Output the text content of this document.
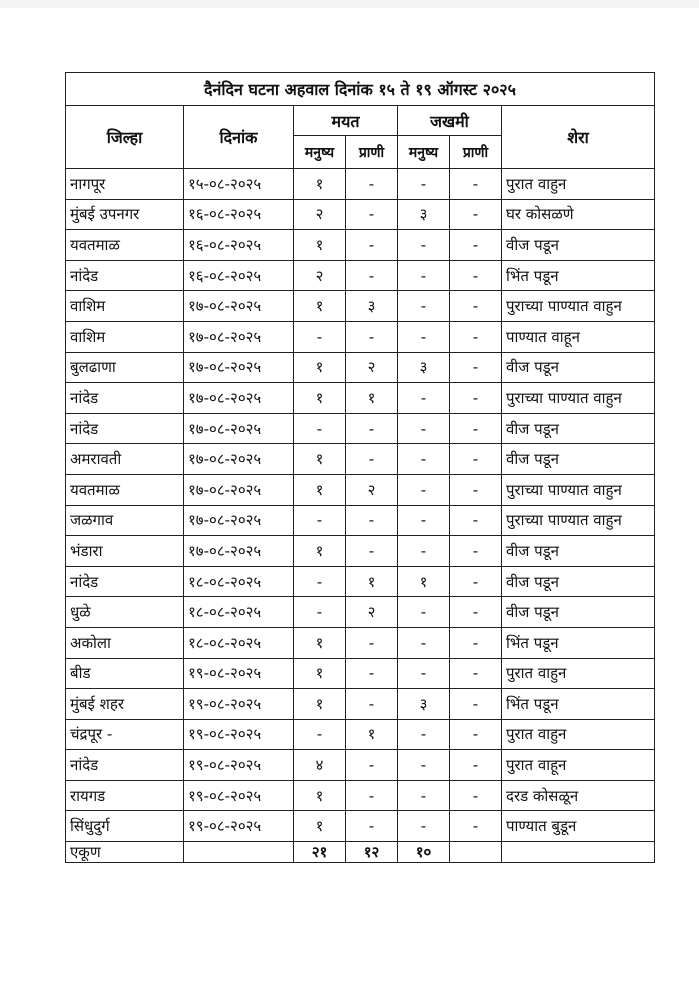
दैनंदिन घटना अहवाल दिनांक १५ ते १९ ऑगस्ट २०२५						
जिल्हा	दिनांक	मयत		जखमी		शेरा
		मनुष्य	प्राणी	मनुष्य	प्राणी	
नागपूर	१५-०८-२०२५	१	-	-	-	पुरात वाहुन
मुंबई उपनगर	१६-०८-२०२५	२	-	३	-	घर कोसळणे
यवतमाळ	१६-०८-२०२५	१	-	-	-	वीज पडून
नांदेड	१६-०८-२०२५	२	-	-	-	भिंत पडून
वाशिम	१७-०८-२०२५	१	३	-	-	पुराच्या पाण्यात वाहुन
वाशिम	१७-०८-२०२५	-	-	-	-	पाण्यात वाहून
बुलढाणा	१७-०८-२०२५	१	२	३	-	वीज पडून
नांदेड	१७-०८-२०२५	१	१	-	-	पुराच्या पाण्यात वाहुन
नांदेड	१७-०८-२०२५	-	-	-	-	वीज पडून
अमरावती	१७-०८-२०२५	१	-	-	-	वीज पडून
यवतमाळ	१७-०८-२०२५	१	२	-	-	पुराच्या पाण्यात वाहुन
जळगाव	१७-०८-२०२५	-	-	-	-	पुराच्या पाण्यात वाहुन
भंडारा	१७-०८-२०२५	१	-	-	-	वीज पडून
नांदेड	१८-०८-२०२५	-	१	१	-	वीज पडून
धुळे	१८-०८-२०२५	-	२	-	-	वीज पडून
अकोला	१८-०८-२०२५	१	-	-	-	भिंत पडून
बीड	१९-०८-२०२५	१	-	-	-	पुरात वाहुन
मुंबई शहर	१९-०८-२०२५	१	-	३	-	भिंत पडून
चंद्रपूर -	१९-०८-२०२५	-	१	-	-	पुरात वाहुन
नांदेड	१९-०८-२०२५	४	-	-	-	पुरात वाहून
रायगड	१९-०८-२०२५	१	-	-	-	दरड कोसळून
सिंधुदुर्ग	१९-०८-२०२५	१	-	-	-	पाण्यात बुडून
एकूण		२१	१२	१०		
